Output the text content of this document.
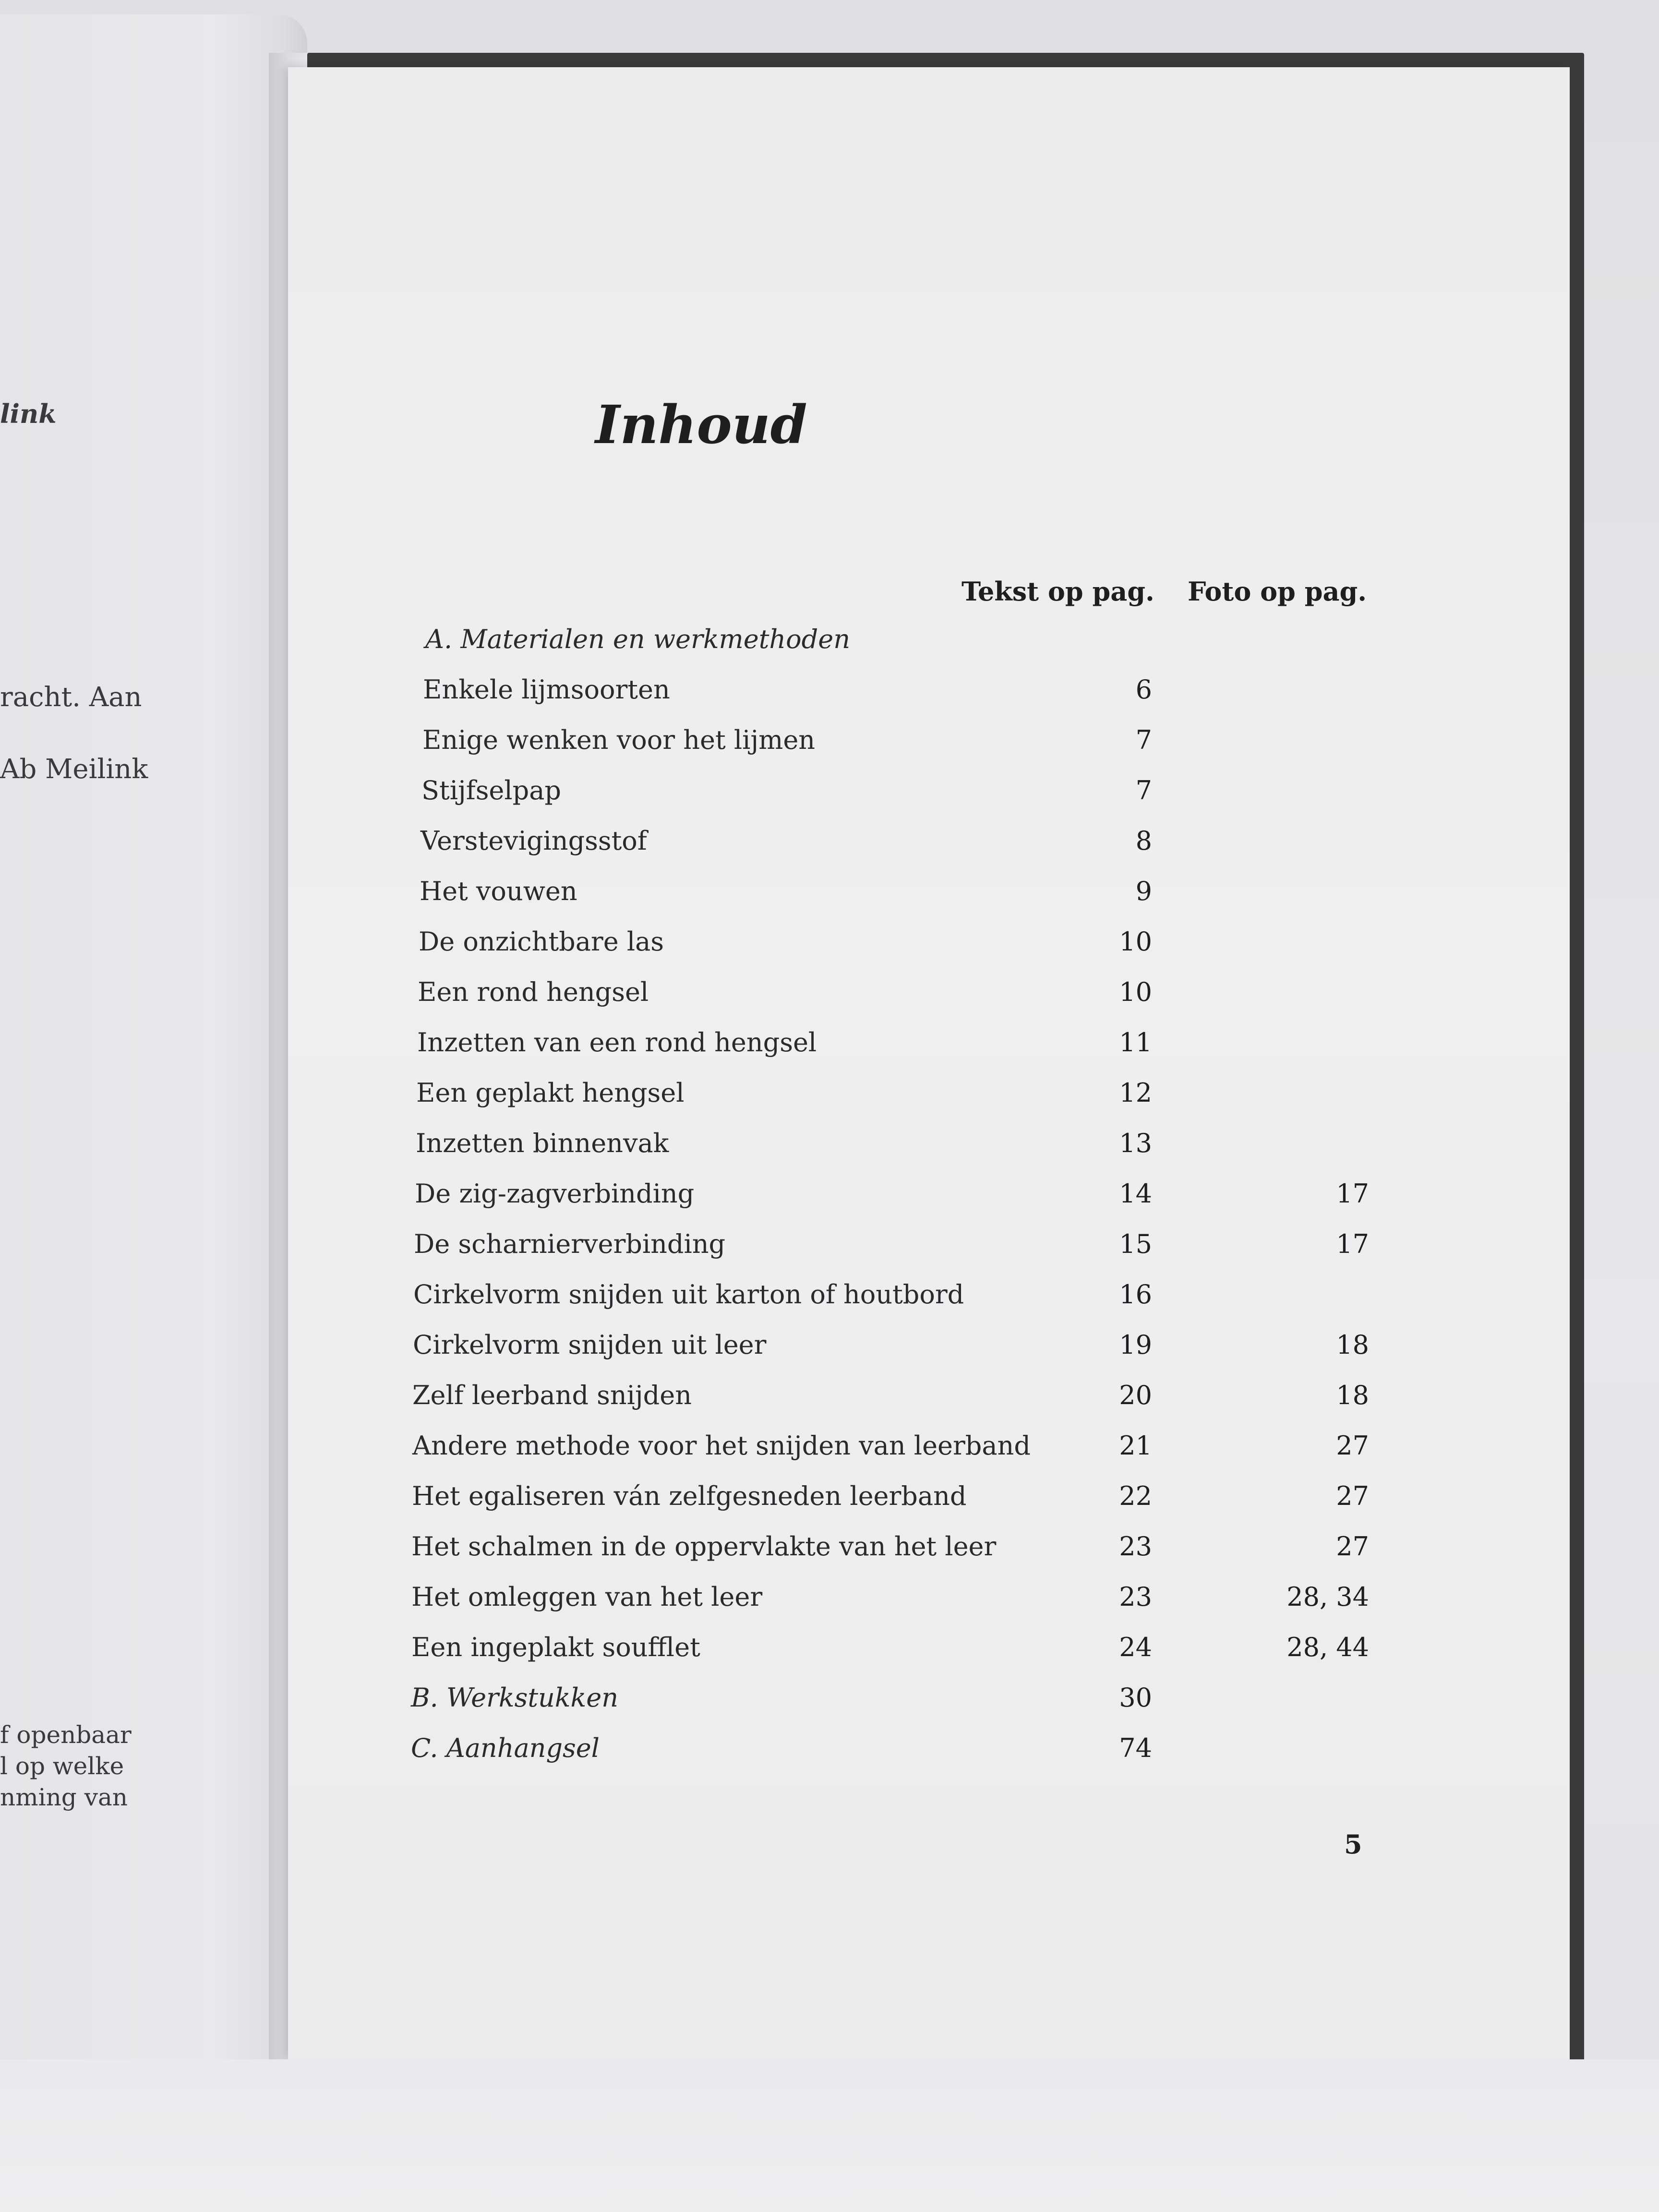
link
racht. Aan
Ab Meilink
f openbaar
l op welke
nming van
Inhoud
Tekst op pag. Foto op pag.
A. Materialen en werkmethoden
Enkele lijmsoorten	6
Enige wenken voor het lijmen	7
Stijfselpap	7
Verstevigingsstof	8
Het vouwen	9
De onzichtbare las	10
Een rond hengsel	10
Inzetten van een rond hengsel	11
Een geplakt hengsel	12
Inzetten binnenvak	13
De zig-zagverbinding	14	17
De scharnierverbinding	15	17
Cirkelvorm snijden uit karton of houtbord	16
Cirkelvorm snijden uit leer	19	18
Zelf leerband snijden	20	18
Andere methode voor het snijden van leerband	21	27
Het egaliseren ván zelfgesneden leerband	22	27
Het schalmen in de oppervlakte van het leer	23	27
Het omleggen van het leer	23	28, 34
Een ingeplakt soufflet	24	28, 44
B. Werkstukken	30
C. Aanhangsel	74
5
